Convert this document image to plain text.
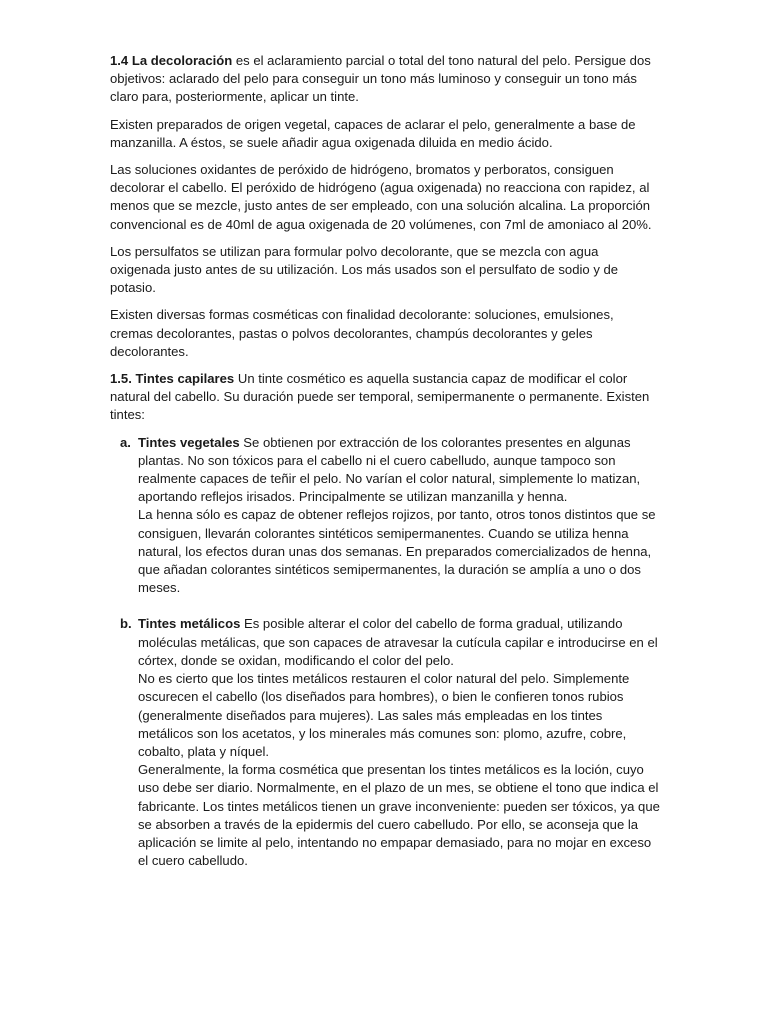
1.4 La decoloración es el aclaramiento parcial o total del tono natural del pelo. Persigue dos objetivos: aclarado del pelo para conseguir un tono más luminoso y conseguir un tono más claro para, posteriormente, aplicar un tinte.

Existen preparados de origen vegetal, capaces de aclarar el pelo, generalmente a base de manzanilla. A éstos, se suele añadir agua oxigenada diluida en medio ácido.

Las soluciones oxidantes de peróxido de hidrógeno, bromatos y perboratos, consiguen decolorar el cabello. El peróxido de hidrógeno (agua oxigenada) no reacciona con rapidez, al menos que se mezcle, justo antes de ser empleado, con una solución alcalina. La proporción convencional es de 40ml de agua oxigenada de 20 volúmenes, con 7ml de amoniaco al 20%.

Los persulfatos se utilizan para formular polvo decolorante, que se mezcla con agua oxigenada justo antes de su utilización. Los más usados son el persulfato de sodio y de potasio.

Existen diversas formas cosméticas con finalidad decolorante: soluciones, emulsiones, cremas decolorantes, pastas o polvos decolorantes, champús decolorantes y geles decolorantes.

1.5. Tintes capilares Un tinte cosmético es aquella sustancia capaz de modificar el color natural del cabello. Su duración puede ser temporal, semipermanente o permanente. Existen tintes:

a. Tintes vegetales Se obtienen por extracción de los colorantes presentes en algunas plantas. No son tóxicos para el cabello ni el cuero cabelludo, aunque tampoco son realmente capaces de teñir el pelo. No varían el color natural, simplemente lo matizan, aportando reflejos irisados. Principalmente se utilizan manzanilla y henna.
La henna sólo es capaz de obtener reflejos rojizos, por tanto, otros tonos distintos que se consiguen, llevarán colorantes sintéticos semipermanentes. Cuando se utiliza henna natural, los efectos duran unas dos semanas. En preparados comercializados de henna, que añadan colorantes sintéticos semipermanentes, la duración se amplía a uno o dos meses.
b. Tintes metálicos Es posible alterar el color del cabello de forma gradual, utilizando moléculas metálicas, que son capaces de atravesar la cutícula capilar e introducirse en el córtex, donde se oxidan, modificando el color del pelo.
No es cierto que los tintes metálicos restauren el color natural del pelo. Simplemente oscurecen el cabello (los diseñados para hombres), o bien le confieren tonos rubios (generalmente diseñados para mujeres). Las sales más empleadas en los tintes metálicos son los acetatos, y los minerales más comunes son: plomo, azufre, cobre, cobalto, plata y níquel.
Generalmente, la forma cosmética que presentan los tintes metálicos es la loción, cuyo uso debe ser diario. Normalmente, en el plazo de un mes, se obtiene el tono que indica el fabricante. Los tintes metálicos tienen un grave inconveniente: pueden ser tóxicos, ya que se absorben a través de la epidermis del cuero cabelludo. Por ello, se aconseja que la aplicación se limite al pelo, intentando no empapar demasiado, para no mojar en exceso el cuero cabelludo.
